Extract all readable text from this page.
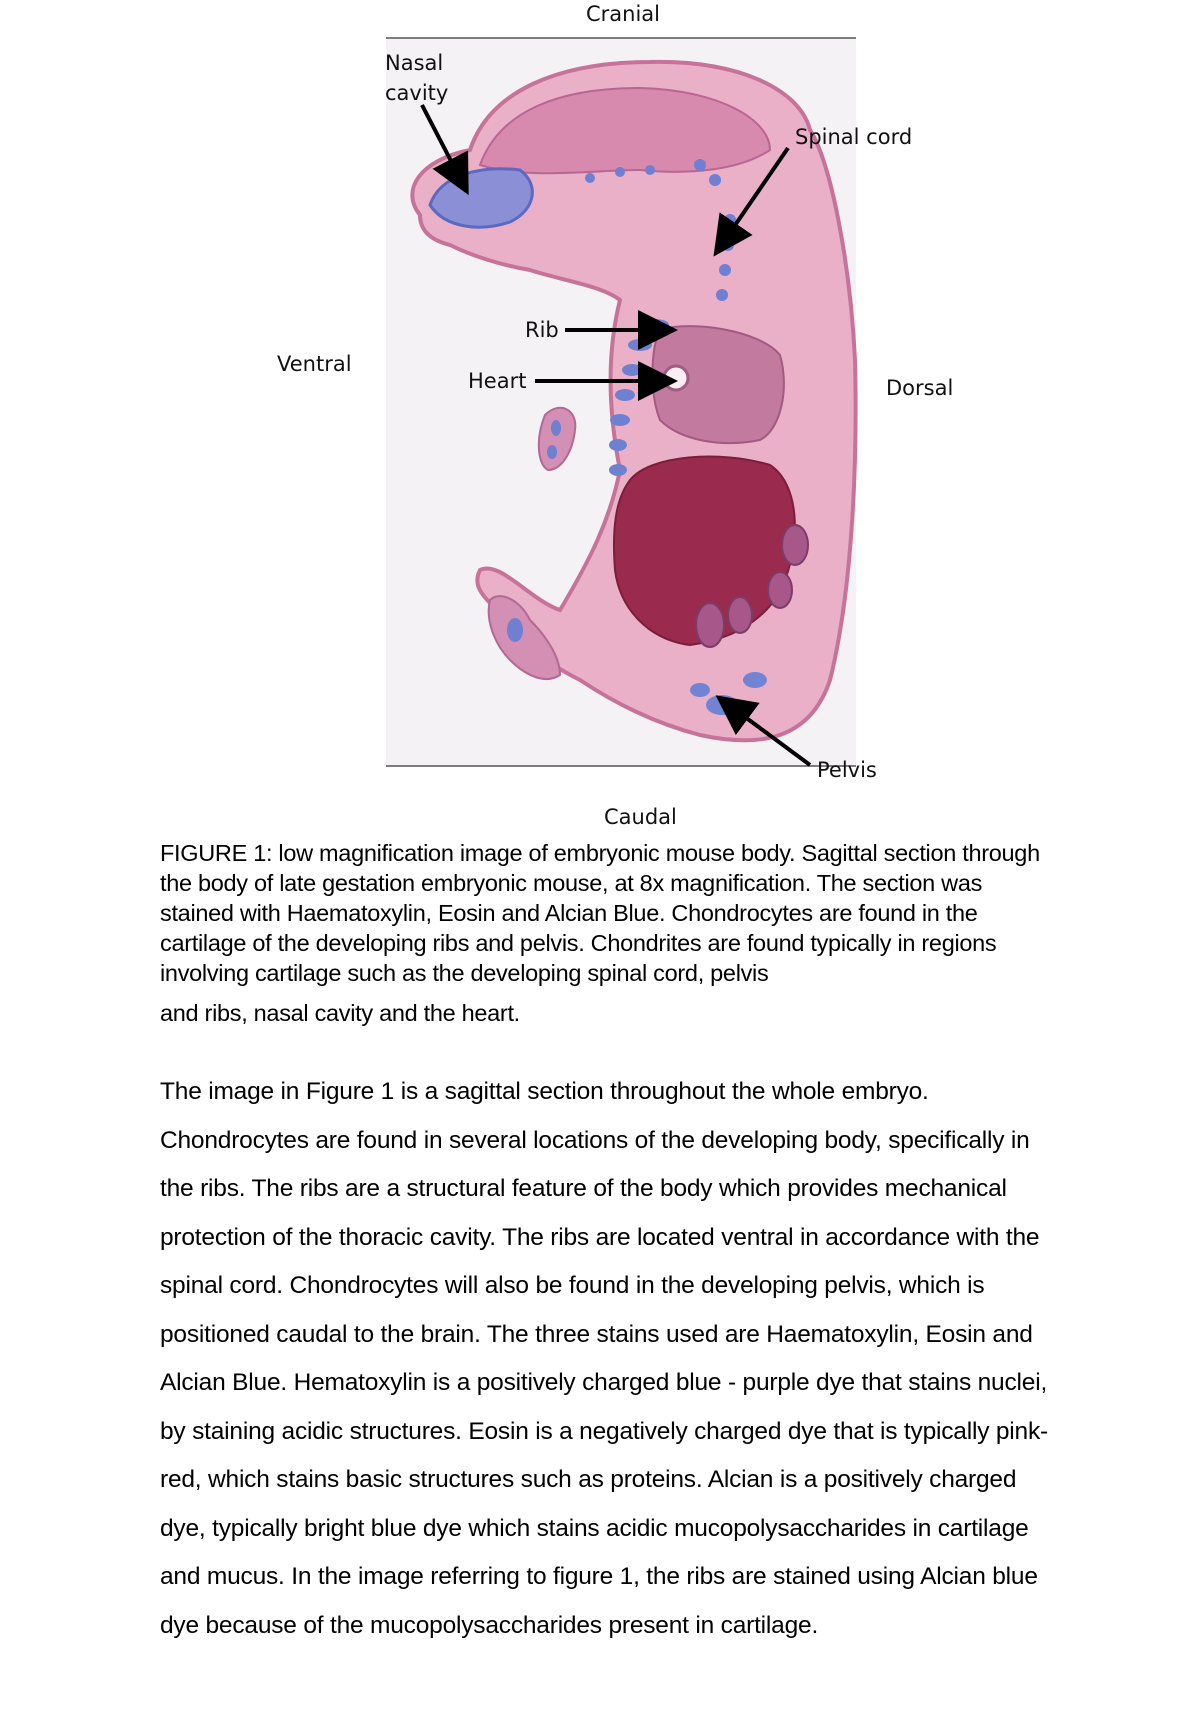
Cranial
Caudal
Ventral
Dorsal
Nasal cavity
Spinal cord
Rib
Heart
Pelvis
FIGURE 1: low magnification image of embryonic mouse body. Sagittal section through the body of late gestation embryonic mouse, at 8x magnification. The section was stained with Haematoxylin, Eosin and Alcian Blue. Chondrocytes are found in the cartilage of the developing ribs and pelvis. Chondrites are found typically in regions involving cartilage such as the developing spinal cord, pelvis
and ribs, nasal cavity and the heart.

The image in Figure 1 is a sagittal section throughout the whole embryo. Chondrocytes are found in several locations of the developing body, specifically in the ribs. The ribs are a structural feature of the body which provides mechanical protection of the thoracic cavity. The ribs are located ventral in accordance with the spinal cord. Chondrocytes will also be found in the developing pelvis, which is positioned caudal to the brain. The three stains used are Haematoxylin, Eosin and Alcian Blue. Hematoxylin is a positively charged blue - purple dye that stains nuclei, by staining acidic structures. Eosin is a negatively charged dye that is typically pink-red, which stains basic structures such as proteins. Alcian is a positively charged dye, typically bright blue dye which stains acidic mucopolysaccharides in cartilage and mucus. In the image referring to figure 1, the ribs are stained using Alcian blue dye because of the mucopolysaccharides present in cartilage.
